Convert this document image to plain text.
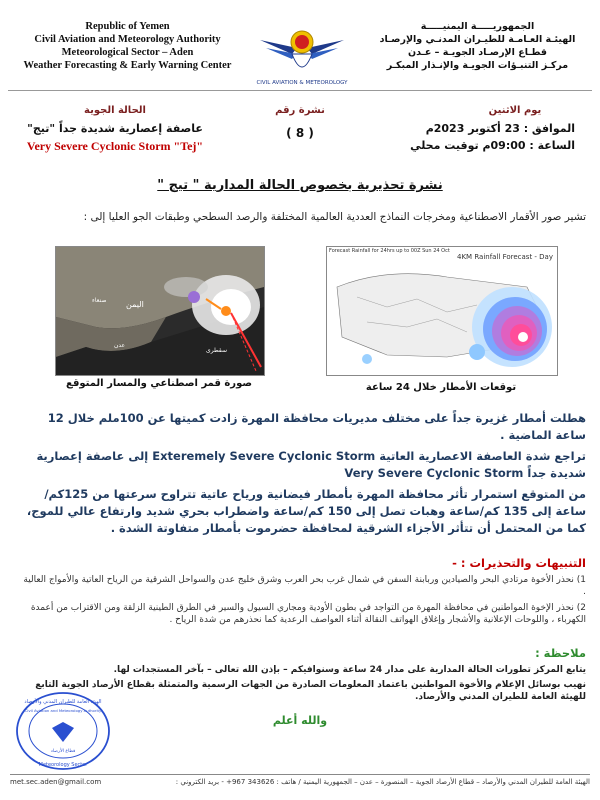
Republic of Yemen
Civil Aviation and Meteorology Authority
Meteorological Sector – Aden
Weather Forecasting & Early Warning Center
CIVIL AVIATION & METEOROLOGY
الجمهوريـــــة اليمنيـــــة
الهيئـة العـامـة للطيـران المدنـي والإرصـاد
قطـاع الإرصـاد الجويـة – عـدن
مركـز التنبـؤات الجويـة والإنـذار المبكـر
الحالة الجوية
عاصفة إعصارية شديدة جداً "تيج"
Very Severe Cyclonic Storm "Tej"
نشرة رقم
( 8 )
يوم الاثنين
الموافق : 23 أكتوبر 2023م
الساعة : 09:00م توقيت محلي
نشرة تحذيرية بخصوص الحالة المدارية " تيج "
تشير صور الأقمار الاصطناعية ومخرجات النماذج العددية العالمية المختلفة والرصد السطحي وطبقات الجو العليا إلى :
اليمن
صنعاء
عدن
سقطرى
صورة قمر اصطناعي والمسار المتوقع
Forecast Rainfall for 24hrs up to 00Z Sun 24 Oct
4KM Rainfall Forecast - Day
توقعات الأمطار خلال 24 ساعة

هطلت أمطار غزيرة جداً على مختلف مديريات محافظة المهرة زادت كميتها عن 100ملم خلال 12 ساعة الماضية .

تراجع شدة العاصفة الاعصارية العاتية Exteremely Severe Cyclonic Storm إلى عاصفة إعصارية شديدة جداً Very Severe Cyclonic Storm

من المتوقع استمرار تأثر محافظة المهرة بأمطار فيضانية ورياح عاتية تتراوح سرعتها من 125كم/ساعة إلى 135 كم/ساعة وهبات تصل إلى 150 كم/ساعة واضطراب بحري شديد وارتفاع عالي للموج، كما من المحتمل أن تتأثر الأجزاء الشرقية لمحافظة حضرموت بأمطار متفاوتة الشدة .

التنبيهات والتحذيرات : -
1) نحذر الأخوة مرتادي البحر والصيادين وربابنة السفن في شمال غرب بحر العرب وشرق خليج عدن والسواحل الشرقية من الرياح العاتية والأمواج العالية .
2) نحذر الإخوة المواطنين في محافظة المهرة من التواجد في بطون الأودية ومجاري السيول والسير في الطرق الطينية الزلقة ومن الاقتراب من أعمدة الكهرباء ، واللوحات الإعلانية والأشجار وإغلاق الهواتف النقالة أثناء العواصف الرعدية كما نحذرهم من شدة الرياح .
ملاحظة :
يتابع المركز تطورات الحالة المدارية على مدار 24 ساعة وسنوافيكم – بإذن الله تعالى – بآخر المستجدات لها.
نهيب بوسائل الإعلام والأخوة المواطنين باعتماد المعلومات الصادرة من الجهات الرسمية والمتمثلة بقطاع الأرصاد الجوية التابع للهيئة العامة للطيران المدني والأرصاد.
والله أعلم
الهيئة العامة للطيران المدني والأرصاد
Civil Aviation and Meteorology Authority
قطاع الأرصاد
Meteorology Sector
الهيئة العامة للطيران المدني والأرصاد – قطاع الأرصاد الجوية – المنصورة – عدن – الجمهورية اليمنية / هاتف : 343626 967+ - بريد الكتروني :
met.sec.aden@gmail.com
